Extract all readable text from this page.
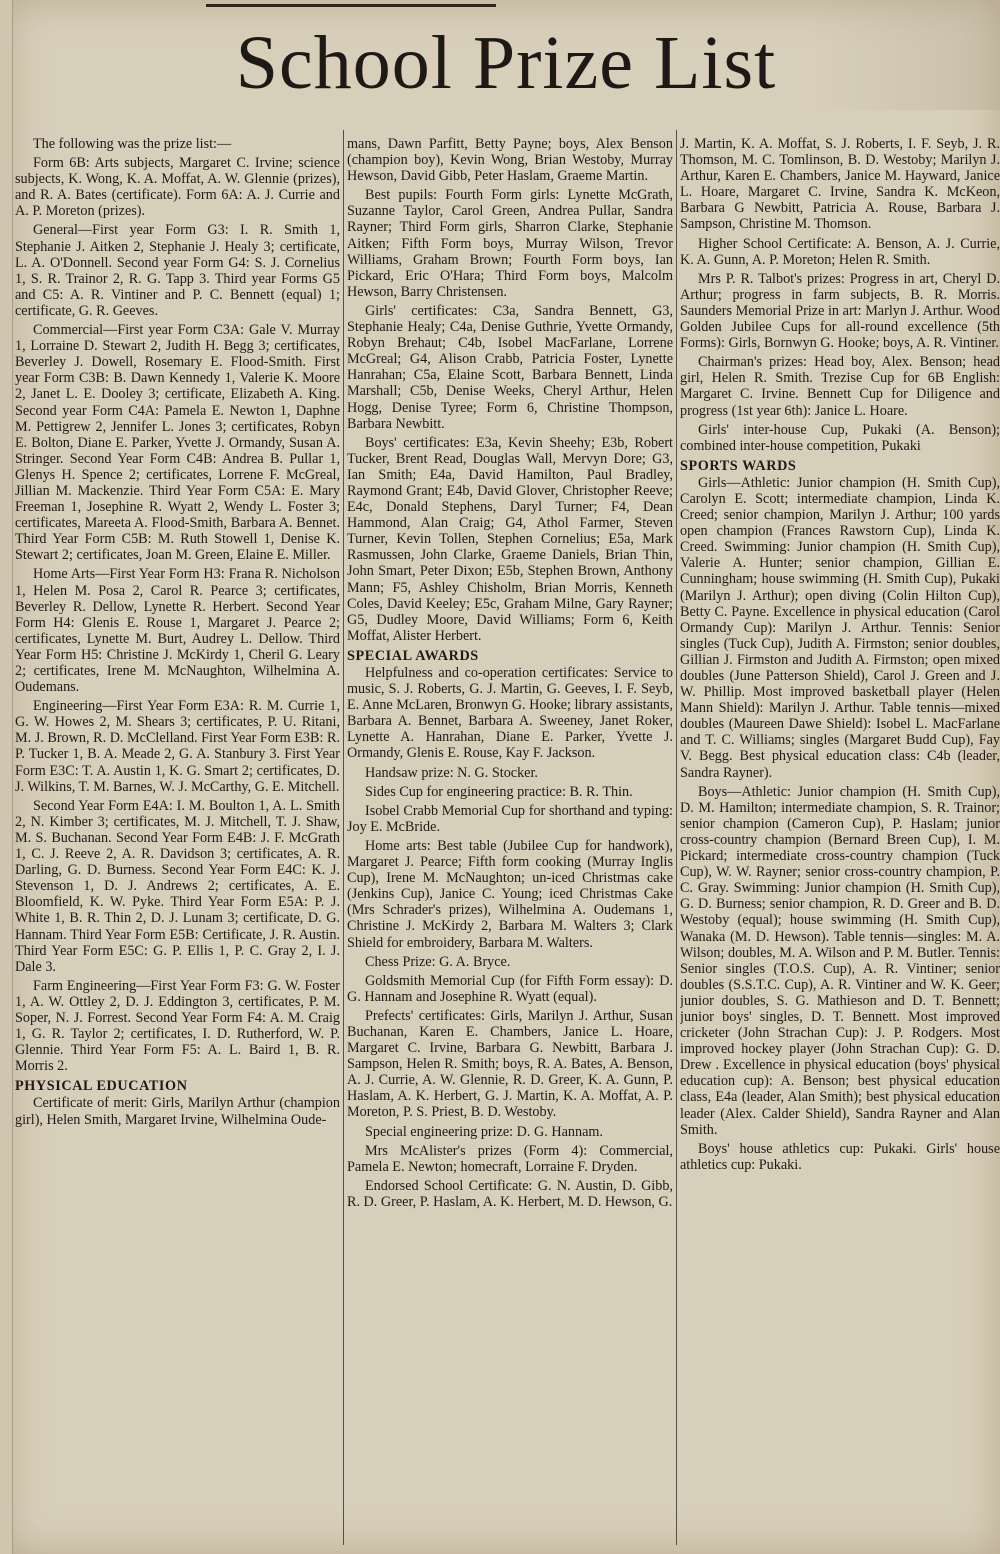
School Prize List

The following was the prize list:—

Form 6B: Arts subjects, Margaret C. Irvine; science subjects, K. Wong, K. A. Moffat, A. W. Glennie (prizes), and R. A. Bates (certificate). Form 6A: A. J. Currie and A. P. Moreton (prizes).

General—First year Form G3: I. R. Smith 1, Stephanie J. Aitken 2, Stephanie J. Healy 3; certificate, L. A. O'Donnell. Second year Form G4: S. J. Cornelius 1, S. R. Trainor 2, R. G. Tapp 3. Third year Forms G5 and C5: A. R. Vintiner and P. C. Bennett (equal) 1; certificate, G. R. Geeves.

Commercial—First year Form C3A: Gale V. Murray 1, Lorraine D. Stewart 2, Judith H. Begg 3; certificates, Beverley J. Dowell, Rosemary E. Flood-Smith. First year Form C3B: B. Dawn Kennedy 1, Valerie K. Moore 2, Janet L. E. Dooley 3; certificate, Elizabeth A. King. Second year Form C4A: Pamela E. Newton 1, Daphne M. Pettigrew 2, Jennifer L. Jones 3; certificates, Robyn E. Bolton, Diane E. Parker, Yvette J. Ormandy, Susan A. Stringer. Second Year Form C4B: Andrea B. Pullar 1, Glenys H. Spence 2; certificates, Lorrene F. McGreal, Jillian M. Mackenzie. Third Year Form C5A: E. Mary Freeman 1, Josephine R. Wyatt 2, Wendy L. Foster 3; certificates, Mareeta A. Flood-Smith, Barbara A. Bennet. Third Year Form C5B: M. Ruth Stowell 1, Denise K. Stewart 2; certificates, Joan M. Green, Elaine E. Miller.

Home Arts—First Year Form H3: Frana R. Nicholson 1, Helen M. Posa 2, Carol R. Pearce 3; certificates, Beverley R. Dellow, Lynette R. Herbert. Second Year Form H4: Glenis E. Rouse 1, Margaret J. Pearce 2; certificates, Lynette M. Burt, Audrey L. Dellow. Third Year Form H5: Christine J. McKirdy 1, Cheril G. Leary 2; certificates, Irene M. McNaughton, Wilhelmina A. Oudemans.

Engineering—First Year Form E3A: R. M. Currie 1, G. W. Howes 2, M. Shears 3; certificates, P. U. Ritani, M. J. Brown, R. D. McClelland. First Year Form E3B: R. P. Tucker 1, B. A. Meade 2, G. A. Stanbury 3. First Year Form E3C: T. A. Austin 1, K. G. Smart 2; certificates, D. J. Wilkins, T. M. Barnes, W. J. McCarthy, G. E. Mitchell.

Second Year Form E4A: I. M. Boulton 1, A. L. Smith 2, N. Kimber 3; certificates, M. J. Mitchell, T. J. Shaw, M. S. Buchanan. Second Year Form E4B: J. F. McGrath 1, C. J. Reeve 2, A. R. Davidson 3; certificates, A. R. Darling, G. D. Burness. Second Year Form E4C: K. J. Stevenson 1, D. J. Andrews 2; certificates, A. E. Bloomfield, K. W. Pyke. Third Year Form E5A: P. J. White 1, B. R. Thin 2, D. J. Lunam 3; certificate, D. G. Hannam. Third Year Form E5B: Certificate, J. R. Austin. Third Year Form E5C: G. P. Ellis 1, P. C. Gray 2, I. J. Dale 3.

Farm Engineering—First Year Form F3: G. W. Foster 1, A. W. Ottley 2, D. J. Eddington 3, certificates, P. M. Soper, N. J. Forrest. Second Year Form F4: A. M. Craig 1, G. R. Taylor 2; certificates, I. D. Rutherford, W. P. Glennie. Third Year Form F5: A. L. Baird 1, B. R. Morris 2.

PHYSICAL EDUCATION

Certificate of merit: Girls, Marilyn Arthur (champion girl), Helen Smith, Margaret Irvine, Wilhelmina Oude-

mans, Dawn Parfitt, Betty Payne; boys, Alex Benson (champion boy), Kevin Wong, Brian Westoby, Murray Hewson, David Gibb, Peter Haslam, Graeme Martin.

Best pupils: Fourth Form girls: Lynette McGrath, Suzanne Taylor, Carol Green, Andrea Pullar, Sandra Rayner; Third Form girls, Sharron Clarke, Stephanie Aitken; Fifth Form boys, Murray Wilson, Trevor Williams, Graham Brown; Fourth Form boys, Ian Pickard, Eric O'Hara; Third Form boys, Malcolm Hewson, Barry Christensen.

Girls' certificates: C3a, Sandra Bennett, G3, Stephanie Healy; C4a, Denise Guthrie, Yvette Ormandy, Robyn Brehaut; C4b, Isobel MacFarlane, Lorrene McGreal; G4, Alison Crabb, Patricia Foster, Lynette Hanrahan; C5a, Elaine Scott, Barbara Bennett, Linda Marshall; C5b, Denise Weeks, Cheryl Arthur, Helen Hogg, Denise Tyree; Form 6, Christine Thompson, Barbara Newbitt.

Boys' certificates: E3a, Kevin Sheehy; E3b, Robert Tucker, Brent Read, Douglas Wall, Mervyn Dore; G3, Ian Smith; E4a, David Hamilton, Paul Bradley, Raymond Grant; E4b, David Glover, Christopher Reeve; E4c, Donald Stephens, Daryl Turner; F4, Dean Hammond, Alan Craig; G4, Athol Farmer, Steven Turner, Kevin Tollen, Stephen Cornelius; E5a, Mark Rasmussen, John Clarke, Graeme Daniels, Brian Thin, John Smart, Peter Dixon; E5b, Stephen Brown, Anthony Mann; F5, Ashley Chisholm, Brian Morris, Kenneth Coles, David Keeley; E5c, Graham Milne, Gary Rayner; G5, Dudley Moore, David Williams; Form 6, Keith Moffat, Alister Herbert.

SPECIAL AWARDS

Helpfulness and co-operation certificates: Service to music, S. J. Roberts, G. J. Martin, G. Geeves, I. F. Seyb, E. Anne McLaren, Bronwyn G. Hooke; library assistants, Barbara A. Bennet, Barbara A. Sweeney, Janet Roker, Lynette A. Hanrahan, Diane E. Parker, Yvette J. Ormandy, Glenis E. Rouse, Kay F. Jackson.

Handsaw prize: N. G. Stocker.

Sides Cup for engineering practice: B. R. Thin.

Isobel Crabb Memorial Cup for shorthand and typing: Joy E. McBride.

Home arts: Best table (Jubilee Cup for handwork), Margaret J. Pearce; Fifth form cooking (Murray Inglis Cup), Irene M. McNaughton; un-iced Christmas cake (Jenkins Cup), Janice C. Young; iced Christmas Cake (Mrs Schrader's prizes), Wilhelmina A. Oudemans 1, Christine J. McKirdy 2, Barbara M. Walters 3; Clark Shield for embroidery, Barbara M. Walters.

Chess Prize: G. A. Bryce.

Goldsmith Memorial Cup (for Fifth Form essay): D. G. Hannam and Josephine R. Wyatt (equal).

Prefects' certificates: Girls, Marilyn J. Arthur, Susan Buchanan, Karen E. Chambers, Janice L. Hoare, Margaret C. Irvine, Barbara G. Newbitt, Barbara J. Sampson, Helen R. Smith; boys, R. A. Bates, A. Benson, A. J. Currie, A. W. Glennie, R. D. Greer, K. A. Gunn, P. Haslam, A. K. Herbert, G. J. Martin, K. A. Moffat, A. P. Moreton, P. S. Priest, B. D. Westoby.

Special engineering prize: D. G. Hannam.

Mrs McAlister's prizes (Form 4): Commercial, Pamela E. Newton; homecraft, Lorraine F. Dryden.

Endorsed School Certificate: G. N. Austin, D. Gibb, R. D. Greer, P. Haslam, A. K. Herbert, M. D. Hewson, G.

J. Martin, K. A. Moffat, S. J. Roberts, I. F. Seyb, J. R. Thomson, M. C. Tomlinson, B. D. Westoby; Marilyn J. Arthur, Karen E. Chambers, Janice M. Hayward, Janice L. Hoare, Margaret C. Irvine, Sandra K. McKeon, Barbara G Newbitt, Patricia A. Rouse, Barbara J. Sampson, Christine M. Thomson.

Higher School Certificate: A. Benson, A. J. Currie, K. A. Gunn, A. P. Moreton; Helen R. Smith.

Mrs P. R. Talbot's prizes: Progress in art, Cheryl D. Arthur; progress in farm subjects, B. R. Morris. Saunders Memorial Prize in art: Marlyn J. Arthur. Wood Golden Jubilee Cups for all-round excellence (5th Forms): Girls, Bornwyn G. Hooke; boys, A. R. Vintiner.

Chairman's prizes: Head boy, Alex. Benson; head girl, Helen R. Smith. Trezise Cup for 6B English: Margaret C. Irvine. Bennett Cup for Diligence and progress (1st year 6th): Janice L. Hoare.

Girls' inter-house Cup, Pukaki (A. Benson); combined inter-house competition, Pukaki

SPORTS WARDS

Girls—Athletic: Junior champion (H. Smith Cup), Carolyn E. Scott; intermediate champion, Linda K. Creed; senior champion, Marilyn J. Arthur; 100 yards open champion (Frances Rawstorn Cup), Linda K. Creed. Swimming: Junior champion (H. Smith Cup), Valerie A. Hunter; senior champion, Gillian E. Cunningham; house swimming (H. Smith Cup), Pukaki (Marilyn J. Arthur); open diving (Colin Hilton Cup), Betty C. Payne. Excellence in physical education (Carol Ormandy Cup): Marilyn J. Arthur. Tennis: Senior singles (Tuck Cup), Judith A. Firmston; senior doubles, Gillian J. Firmston and Judith A. Firmston; open mixed doubles (June Patterson Shield), Carol J. Green and J. W. Phillip. Most improved basketball player (Helen Mann Shield): Marilyn J. Arthur. Table tennis—mixed doubles (Maureen Dawe Shield): Isobel L. MacFarlane and T. C. Williams; singles (Margaret Budd Cup), Fay V. Begg. Best physical education class: C4b (leader, Sandra Rayner).

Boys—Athletic: Junior champion (H. Smith Cup), D. M. Hamilton; intermediate champion, S. R. Trainor; senior champion (Cameron Cup), P. Haslam; junior cross-country champion (Bernard Breen Cup), I. M. Pickard; intermediate cross-country champion (Tuck Cup), W. W. Rayner; senior cross-country champion, P. C. Gray. Swimming: Junior champion (H. Smith Cup), G. D. Burness; senior champion, R. D. Greer and B. D. Westoby (equal); house swimming (H. Smith Cup), Wanaka (M. D. Hewson). Table tennis—singles: M. A. Wilson; doubles, M. A. Wilson and P. M. Butler. Tennis: Senior singles (T.O.S. Cup), A. R. Vintiner; senior doubles (S.S.T.C. Cup), A. R. Vintiner and W. K. Geer; junior doubles, S. G. Mathieson and D. T. Bennett; junior boys' singles, D. T. Bennett. Most improved cricketer (John Strachan Cup): J. P. Rodgers. Most improved hockey player (John Strachan Cup): G. D. Drew . Excellence in physical education (boys' physical education cup): A. Benson; best physical education class, E4a (leader, Alan Smith); best physical education leader (Alex. Calder Shield), Sandra Rayner and Alan Smith.

Boys' house athletics cup: Pukaki. Girls' house athletics cup: Pukaki.
